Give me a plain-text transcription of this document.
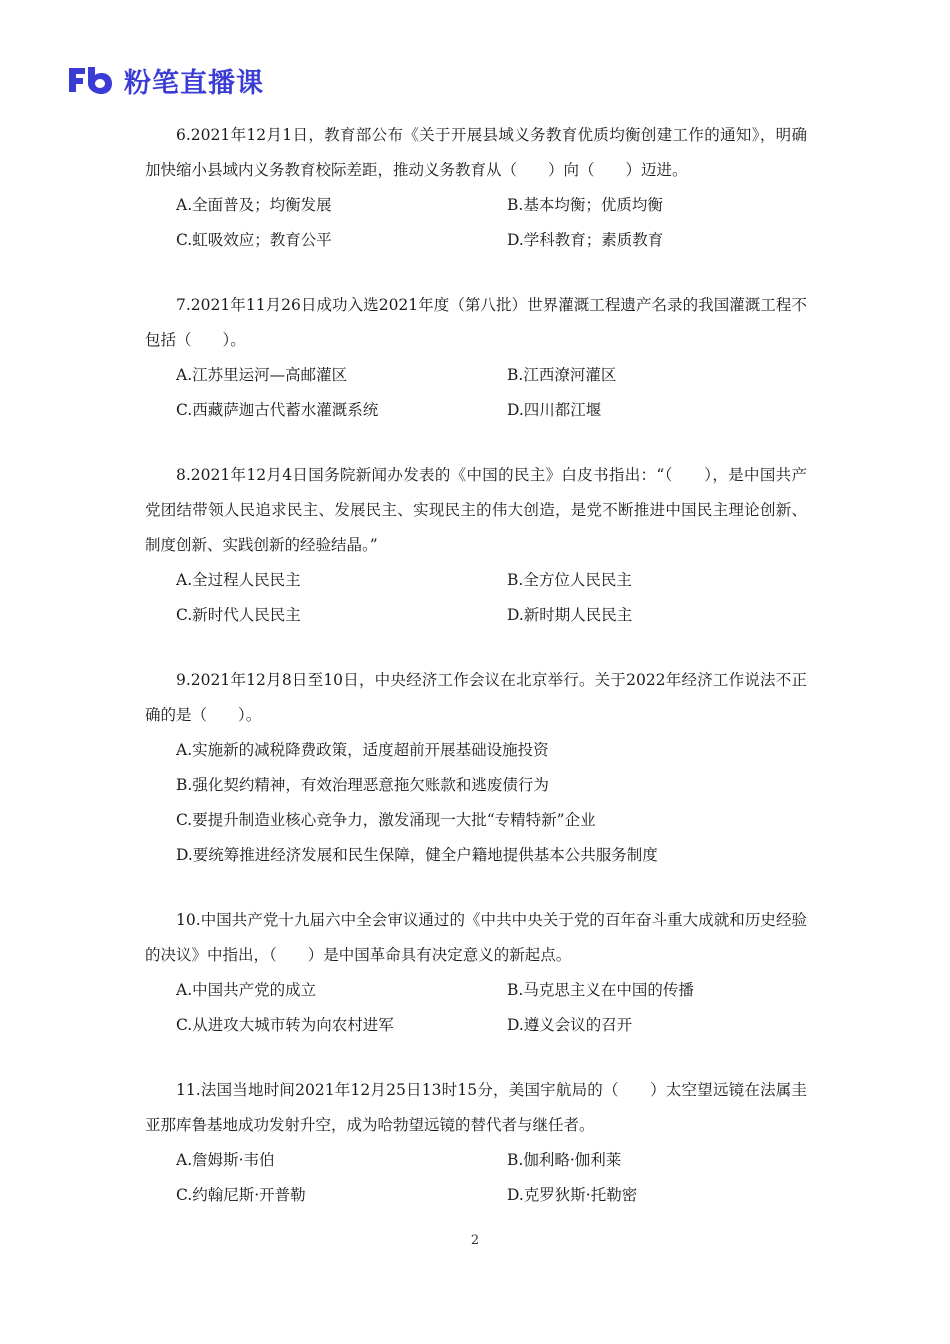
粉笔直播课
6.2021年12月1日，教育部公布《关于开展县域义务教育优质均衡创建工作的通知》，明确加快缩小县域内义务教育校际差距，推动义务教育从（　　）向（　　）迈进。
A.全面普及；均衡发展	B.基本均衡；优质均衡
C.虹吸效应；教育公平	D.学科教育；素质教育
7.2021年11月26日成功入选2021年度（第八批）世界灌溉工程遗产名录的我国灌溉工程不包括（　　）。
A.江苏里运河—高邮灌区	B.江西潦河灌区
C.西藏萨迦古代蓄水灌溉系统	D.四川都江堰
8.2021年12月4日国务院新闻办发表的《中国的民主》白皮书指出：“（　　），是中国共产党团结带领人民追求民主、发展民主、实现民主的伟大创造，是党不断推进中国民主理论创新、制度创新、实践创新的经验结晶。”
A.全过程人民民主	B.全方位人民民主
C.新时代人民民主	D.新时期人民民主
9.2021年12月8日至10日，中央经济工作会议在北京举行。关于2022年经济工作说法不正确的是（　　）。
A.实施新的减税降费政策，适度超前开展基础设施投资
B.强化契约精神，有效治理恶意拖欠账款和逃废债行为
C.要提升制造业核心竞争力，激发涌现一大批“专精特新”企业
D.要统筹推进经济发展和民生保障，健全户籍地提供基本公共服务制度
10.中国共产党十九届六中全会审议通过的《中共中央关于党的百年奋斗重大成就和历史经验的决议》中指出，（　　）是中国革命具有决定意义的新起点。
A.中国共产党的成立	B.马克思主义在中国的传播
C.从进攻大城市转为向农村进军	D.遵义会议的召开
11.法国当地时间2021年12月25日13时15分，美国宇航局的（　　）太空望远镜在法属圭亚那库鲁基地成功发射升空，成为哈勃望远镜的替代者与继任者。
A.詹姆斯·韦伯	B.伽利略·伽利莱
C.约翰尼斯·开普勒	D.克罗狄斯·托勒密
2
